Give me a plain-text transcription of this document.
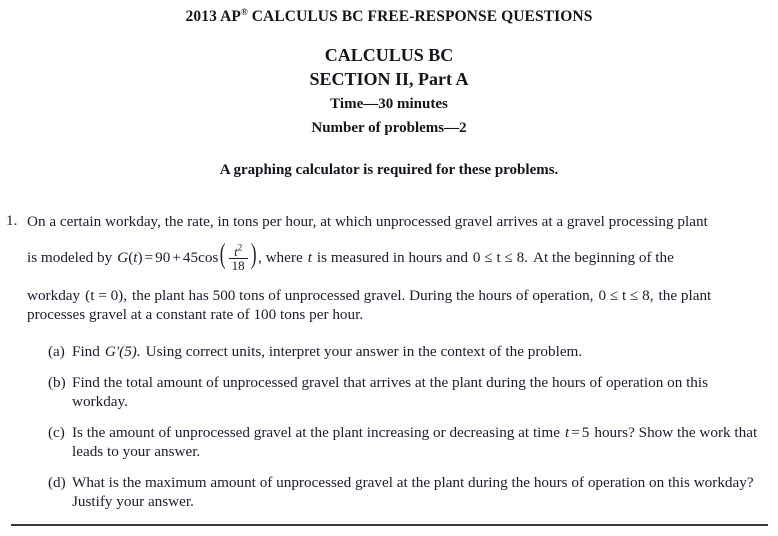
2013 AP® CALCULUS BC FREE-RESPONSE QUESTIONS
CALCULUS BC
SECTION II, Part A
Time—30 minutes
Number of problems—2
A graphing calculator is required for these problems.
1. On a certain workday, the rate, in tons per hour, at which unprocessed gravel arrives at a gravel processing plant
is modeled by $G(t) = 90 + 45\cos( \frac{t^2}{18}$ ) , where t is measured in hours and 0 ≤ t ≤ 8. At the beginning of the
workday (t = 0), the plant has 500 tons of unprocessed gravel. During the hours of operation, 0 ≤ t ≤ 8, the plant processes gravel at a constant rate of 100 tons per hour.
(a) Find G′(5). Using correct units, interpret your answer in the context of the problem.
(b) Find the total amount of unprocessed gravel that arrives at the plant during the hours of operation on this workday.
(c) Is the amount of unprocessed gravel at the plant increasing or decreasing at time t = 5 hours? Show the work that leads to your answer.
(d) What is the maximum amount of unprocessed gravel at the plant during the hours of operation on this workday? Justify your answer.
